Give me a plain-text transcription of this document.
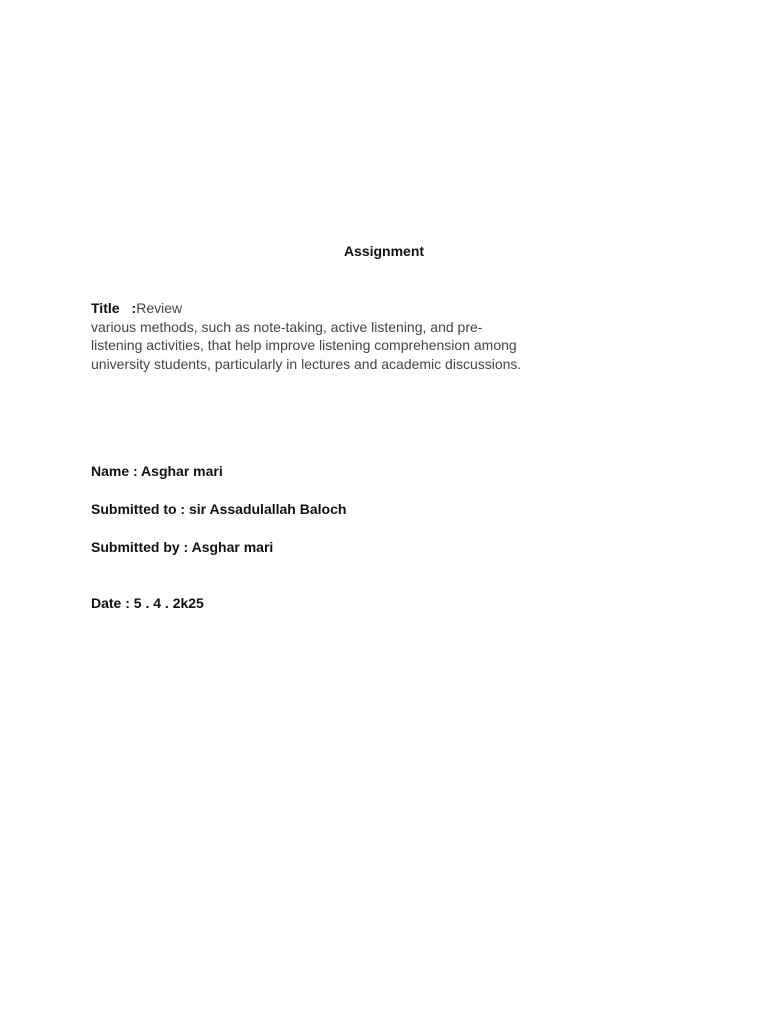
Assignment
Title :Review
various methods, such as note-taking, active listening, and pre-listening activities, that help improve listening comprehension among university students, particularly in lectures and academic discussions.
Name : Asghar mari
Submitted to : sir Assadulallah Baloch
Submitted by : Asghar mari
Date : 5 . 4 . 2k25
